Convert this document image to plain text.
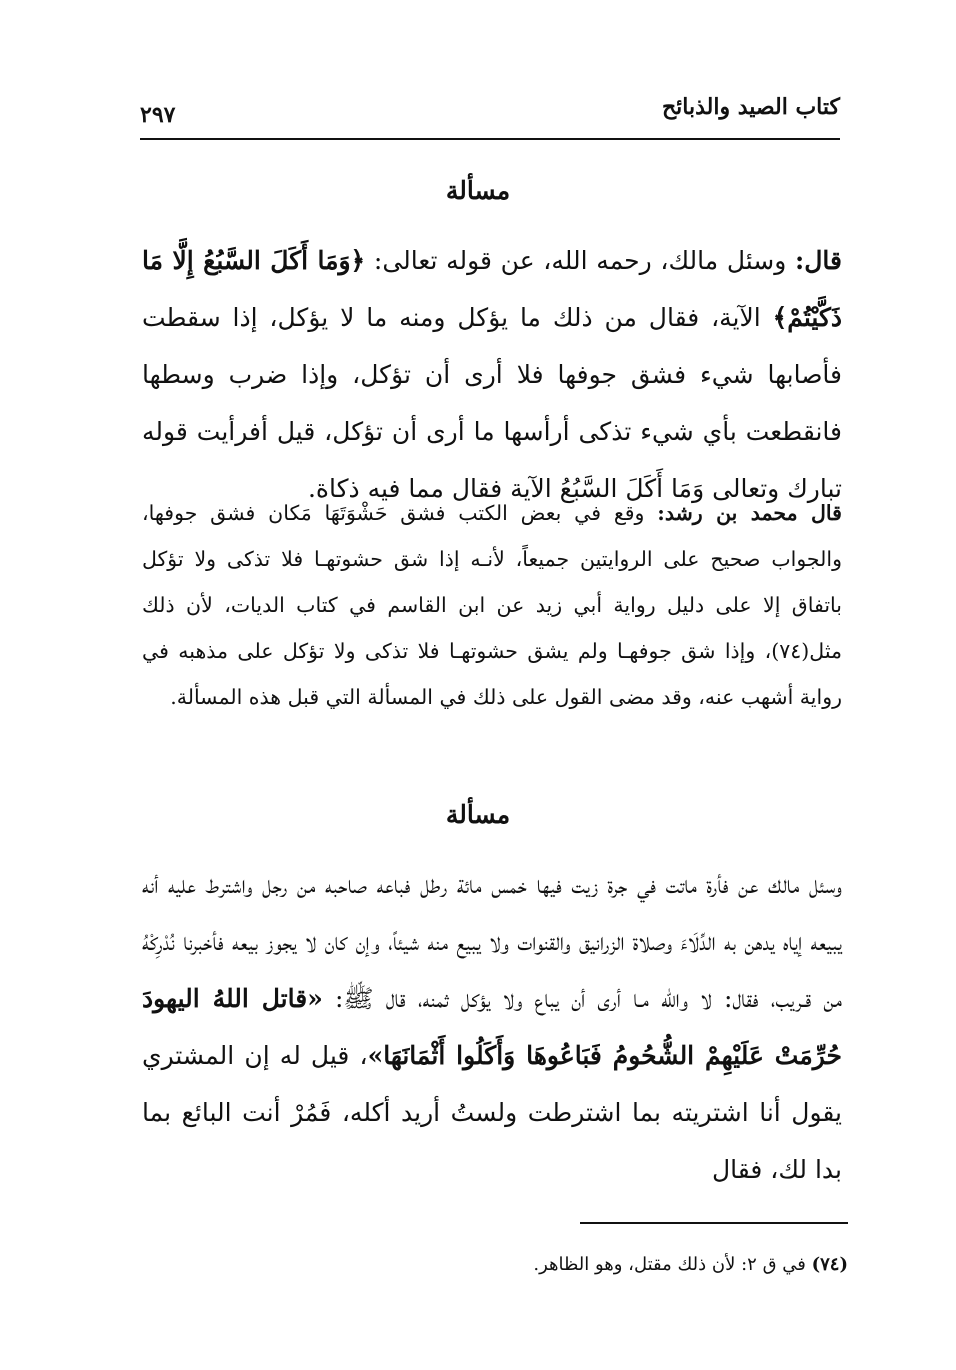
كتاب الصيد والذبائح
٢٩٧
مسألة

قال: وسئل مالك، رحمه الله، عن قوله تعالى: ﴿وَمَا أَكَلَ السَّبُعُ إِلَّا مَا ذَكَّيْتُمْ﴾ الآية، فقال من ذلك ما يؤكل ومنه ما لا يؤكل، إذا سقطت فأصابها شيء فشق جوفها فلا أرى أن تؤكل، وإذا ضرب وسطها فانقطعت بأي شيء تذكى أرأسها ما أرى أن تؤكل، قيل أفرأيت قوله تبارك وتعالى وَمَا أَكَلَ السَّبُعُ الآية فقال مما فيه ذكاة.

قال محمد بن رشد: وقع في بعض الكتب فشق حَشْوَتَهَا مَكان فشق جوفها، والجواب صحيح على الروايتين جميعاً، لأنـه إذا شق حشوتهـا فلا تذكى ولا تؤكل باتفاق إلا على دليل رواية أبي زيد عن ابن القاسم في كتاب الديات، لأن ذلك مثل(٧٤)، وإذا شق جوفهـا ولم يشق حشوتهـا فلا تذكى ولا تؤكل على مذهبه في رواية أشهب عنه، وقد مضى القول على ذلك في المسألة التي قبل هذه المسألة.

مسألة

وسئل مالك عن فأرة ماتت في جرة زيت فيها خمس مائة رطل فباعه صاحبه من رجل واشترط عليه أنه يبيعه إياه يدهن به الدِّلَاءَ وصلاة الزرانيق والقنوات ولا يبيع منه شيئاً، وإن كان لا يجوز بيعه فأخبرنا نُدْرِكْهُ من قـريب، فقال: لا والله مـا أرى أن يباع ولا يؤكل ثمنه، قال ﷺ: «قاتل اللهُ اليهودَ حُرِّمَتْ عَلَيْهِمْ الشُّحُومُ فَبَاعُوهَا وَأَكَلُوا أَثْمَانَهَا»، قيل له إن المشتري يقول أنا اشتريته بما اشترطت ولستُ أريد أكله، فَمُرْ أنت البائع بما بدا لك، فقال

(٧٤) في ق ٢: لأن ذلك مقتل، وهو الظاهر.
